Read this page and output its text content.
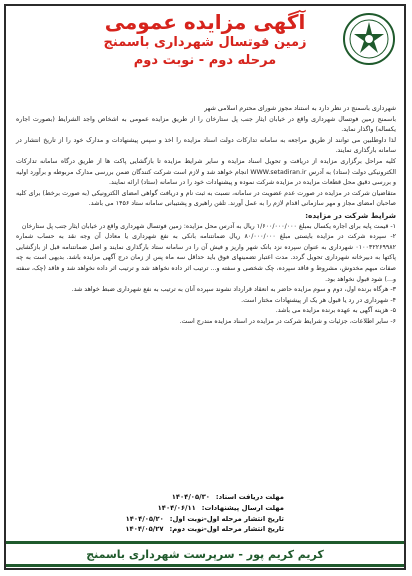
آگهی مزایده عمومی
زمین فوتسال شهرداری باسمنج
مرحله دوم - نوبت دوم

شهرداری باسمنج در نظر دارد به استناد مجوز شورای محترم اسلامی شهر

باسمنج زمین فوتسال شهرداری واقع در خیابان ایثار جنب پل ستارخان را از طریق مزایده عمومی به اشخاص واجد الشرایط (بصورت اجاره یکساله) واگذار نماید.

لذا داوطلبین می توانند از طریق مراجعه به سامانه تدارکات دولت اسناد مزایده را اخذ و سپس پیشنهادات و مدارک خود را از تاریخ انتشار در سامانه بارگذاری نمایند.

کلیه مراحل برگزاری مزایده از دریافت و تحویل اسناد مزایده و سایر شرایط مزایده تا بازگشایی پاکت ها از طریق درگاه سامانه تدارکات الکترونیکی دولت (ستاد) به آدرس WWW.setadiran.ir انجام خواهد شد و لازم است شرکت کنندگان ضمن بررسی مدارک مربوطه و برآورد اولیه و بررسی دقیق محل قطعات مزایده در مزایده شرکت نموده و پیشنهادات خود را در سامانه (ستاد) ارائه نمایند.

متقاضیان شرکت در مزایده در صورت عدم عضویت در سامانه، نسبت به ثبت نام و دریافت گواهی امضای الکترونیکی (به صورت برخط) برای کلیه صاحبان امضای مجاز و مهر سازمانی اقدام لازم را به عمل آورند. تلفن راهبری و پشتیبانی سامانه ستاد ۱۴۵۶ می باشد.

شرایط شرکت در مزایده:

۱- قیمت پایه برای اجاره یکسال بمبلغ ۱/۶۰۰/۰۰۰/۰۰۰ ریال به آدرس محل مزایده: زمین فوتسال شهرداری واقع در خیابان ایثار جنب پل ستارخان

۲- سپرده شرکت در مزایده بایستی مبلغ ۸۰/۰۰۰/۰۰۰ ریال ضمانتنامه بانکی به نفع شهرداری یا معادل آن وجه نقد به حساب شماره ۰۱۰۰۳۲۲۶۹۹۸۲ شهرداری به عنوان سپرده نزد بانک شهر واریز و فیش آن را در سامانه ستاد بارگذاری نمایند و اصل ضمانتنامه قبل از بازگشایی پاکتها به دبیرخانه شهرداری تحویل گردد. مدت اعتبار تضمینهای فوق باید حداقل سه ماه پس از زمان درج آگهی مزایده باشد. بدیهی است به چه صفات مبهم مخدوش، مشروط و فاقد سپرده، چک شخصی و سفته و... ترتیب اثر داده نخواهد شد و ترتیب اثر داده نخواهد شد و فاقد (چک، سفته و...) شود قبول نخواهد بود.

۳- هرگاه برنده اول، دوم و سوم مزایده حاضر به انعقاد قرارداد نشوند سپرده آنان به ترتیب به نفع شهرداری ضبط خواهد شد.

۴- شهرداری در رد یا قبول هر یک از پیشنهادات مختار است.

۵- هزینه آگهی به عهده برنده مزایده می باشد.

۶- سایر اطلاعات، جزئیات و شرایط شرکت در مزایده در اسناد مزایده مندرج است.

مهلت دریافت اسناد:
۱۴۰۴/۰۵/۳۰
مهلت ارسال پیشنهادات:
۱۴۰۴/۰۶/۱۱
تاریخ انتشار مرحله اول-نوبت اول:
۱۴۰۴/۰۵/۲۰
تاریخ انتشار مرحله اول-نوبت دوم:
۱۴۰۴/۰۵/۲۷
کریم کریم پور - سرپرست شهرداری باسمنج
